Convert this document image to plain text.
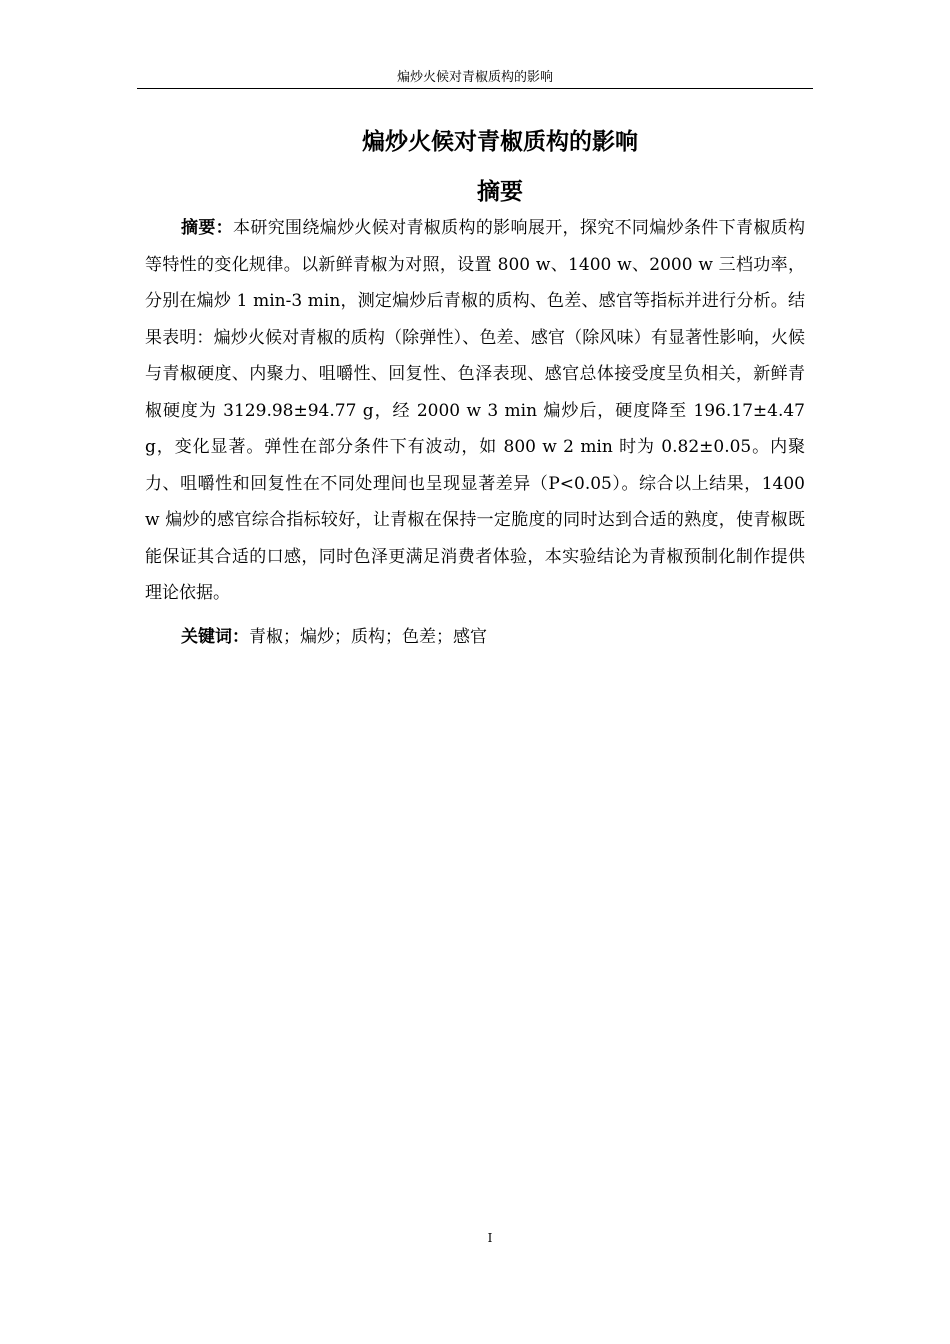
煸炒火候对青椒质构的影响
煸炒火候对青椒质构的影响
摘要

摘要：本研究围绕煸炒火候对青椒质构的影响展开，探究不同煸炒条件下青椒质构等特性的变化规律。以新鲜青椒为对照，设置 800 w、1400 w、2000 w 三档功率，分别在煸炒 1 min-3 min，测定煸炒后青椒的质构、色差、感官等指标并进行分析。结果表明：煸炒火候对青椒的质构（除弹性）、色差、感官（除风味）有显著性影响，火候与青椒硬度、内聚力、咀嚼性、回复性、色泽表现、感官总体接受度呈负相关，新鲜青椒硬度为 3129.98±94.77 g，经 2000 w 3 min 煸炒后，硬度降至 196.17±4.47 g，变化显著。弹性在部分条件下有波动，如 800 w 2 min 时为 0.82±0.05。内聚力、咀嚼性和回复性在不同处理间也呈现显著差异（P<0.05）。综合以上结果，1400 w 煸炒的感官综合指标较好，让青椒在保持一定脆度的同时达到合适的熟度，使青椒既能保证其合适的口感，同时色泽更满足消费者体验，本实验结论为青椒预制化制作提供理论依据。

关键词：青椒；煸炒；质构；色差；感官

I
